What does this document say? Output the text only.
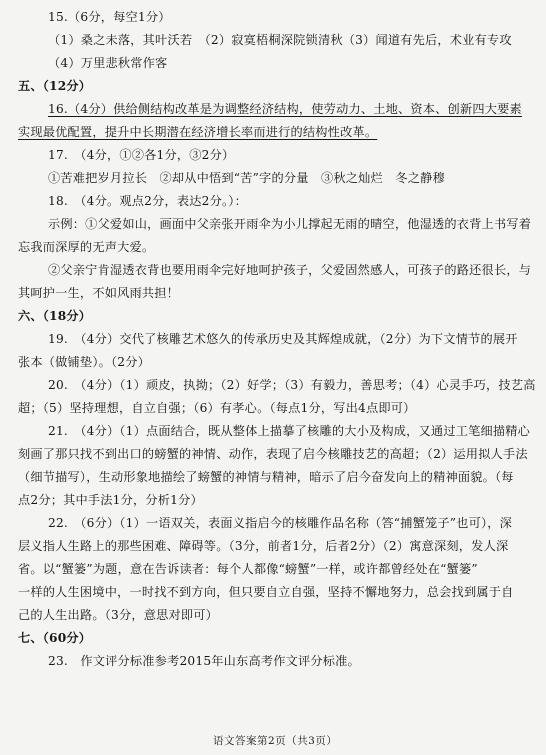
15.（6分，每空1分）
（1）桑之未落，其叶沃若　（2）寂寞梧桐深院锁清秋（3）闻道有先后，术业有专攻
（4）万里悲秋常作客
五、（12分）
16.（4分）供给侧结构改革是为调整经济结构，使劳动力、土地、资本、创新四大要素
实现最优配置，提升中长期潜在经济增长率而进行的结构性改革。
17.　（4分，①②各1分，③2分）
①苦难把岁月拉长　②却从中悟到“苦”字的分量　③秋之灿烂　冬之静穆
18.　（4分。观点2分，表达2分。）：
示例：①父爱如山，画面中父亲张开雨伞为小儿撑起无雨的晴空，他湿透的衣背上书写着
忘我而深厚的无声大爱。
②父亲宁肯湿透衣背也要用雨伞完好地呵护孩子，父爱固然感人，可孩子的路还很长，与
其呵护一生，不如风雨共担！
六、（18分）
19.　（4分）交代了核雕艺术悠久的传承历史及其辉煌成就，（2分）为下文情节的展开
张本（做铺垫）。（2分）
20.　（4分）（1）顽皮，执拗；（2）好学；（3）有毅力，善思考；（4）心灵手巧，技艺高
超；（5）坚持理想，自立自强；（6）有孝心。（每点1分，写出4点即可）
21.　（4分）（1）点面结合，既从整体上描摹了核雕的大小及构成，又通过工笔细描精心
刻画了那只找不到出口的螃蟹的神情、动作，表现了启今核雕技艺的高超；（2）运用拟人手法
（细节描写），生动形象地描绘了螃蟹的神情与精神，暗示了启今奋发向上的精神面貌。（每
点2分；其中手法1分，分析1分）
22.　（6分）（1）一语双关，表面义指启今的核雕作品名称（答“捕蟹笼子”也可），深
层义指人生路上的那些困难、障碍等。（3分，前者1分，后者2分）（2）寓意深刻，发人深
省。以“蟹篓”为题，意在告诉读者：每个人都像“螃蟹”一样，或许都曾经处在“蟹篓”
一样的人生困境中，一时找不到方向，但只要自立自强，坚持不懈地努力，总会找到属于自
己的人生出路。（3分，意思对即可）
七、（60分）
23.　作文评分标准参考2015年山东高考作文评分标准。
语文答案第2页（共3页）
